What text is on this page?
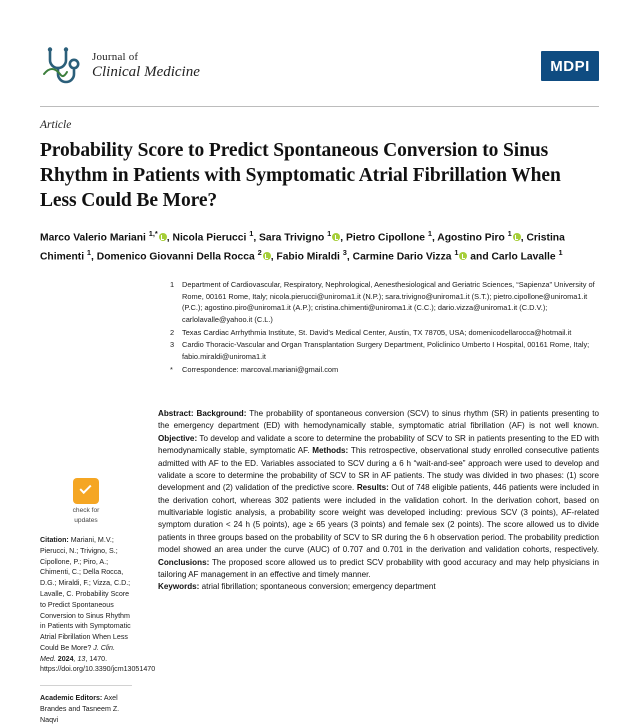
Journal of
Clinical Medicine	MDPI
Article
Probability Score to Predict Spontaneous Conversion to Sinus Rhythm in Patients with Symptomatic Atrial Fibrillation When Less Could Be More?
Marco Valerio Mariani $^{1,*}$ , Nicola Pierucci $^1$, Sara Trivigno $^1$ , Pietro Cipollone $^1$, Agostino Piro $^1$ , Cristina Chimenti $^1$, Domenico Giovanni Della Rocca $^2$ , Fabio Miraldi $^3$, Carmine Dario Vizza $^1$ and Carlo Lavalle $^1$
1	Department of Cardiovascular, Respiratory, Nephrological, Aenesthesiological and Geriatric Sciences, “Sapienza” University of Rome, 00161 Rome, Italy; nicola.pierucci@uniroma1.it (N.P.); sara.trivigno@uniroma1.it (S.T.); pietro.cipollone@uniroma1.it (P.C.); agostino.piro@uniroma1.it (A.P.); cristina.chimenti@uniroma1.it (C.C.); dario.vizza@uniroma1.it (C.D.V.); carlolavalle@yahoo.it (C.L.)
2	Texas Cardiac Arrhythmia Institute, St. David’s Medical Center, Austin, TX 78705, USA; domenicodellarocca@hotmail.it
3	Cardio Thoracic-Vascular and Organ Transplantation Surgery Department, Policlinico Umberto I Hospital, 00161 Rome, Italy; fabio.miraldi@uniroma1.it
*	Correspondence: marcoval.mariani@gmail.com
check for
updates
Citation: Mariani, M.V.; Pierucci, N.; Trivigno, S.; Cipollone, P.; Piro, A.; Chimenti, C.; Della Rocca, D.G.; Miraldi, F.; Vizza, C.D.; Lavalle, C. Probability Score to Predict Spontaneous Conversion to Sinus Rhythm in Patients with Symptomatic Atrial Fibrillation When Less Could Be More? J. Clin. Med. 2024, 13, 1470. https://doi.org/10.3390/jcm13051470
Academic Editors: Axel Brandes and Tasneem Z. Naqvi

Abstract: Background: The probability of spontaneous conversion (SCV) to sinus rhythm (SR) in patients presenting to the emergency department (ED) with hemodynamically stable, symptomatic atrial fibrillation (AF) is not well known. Objective: To develop and validate a score to determine the probability of SCV to SR in patients presenting to the ED with hemodynamically stable, symptomatic AF. Methods: This retrospective, observational study enrolled consecutive patients admitted with AF to the ED. Variables associated to SCV during a 6 h “wait-and-see” approach were used to develop and validate a score to determine the probability of SCV to SR in AF patients. The study was divided in two phases: (1) score development and (2) validation of the predictive score. Results: Out of 748 eligible patients, 446 patients were included in the derivation cohort, whereas 302 patients were included in the validation cohort. In the derivation cohort, based on multivariable logistic analysis, a probability score weight was developed including: previous SCV (3 points), AF-related symptom duration < 24 h (5 points), age ≥ 65 years (3 points) and female sex (2 points). The score allowed us to divide patients in three groups based on the probability of SCV to SR during the 6 h observation period. The probability prediction model showed an area under the curve (AUC) of 0.707 and 0.701 in the derivation and validation cohorts, respectively. Conclusions: The proposed score allowed us to predict SCV probability with good accuracy and may help physicians in tailoring AF management in an effective and timely manner.

Keywords: atrial fibrillation; spontaneous conversion; emergency department
